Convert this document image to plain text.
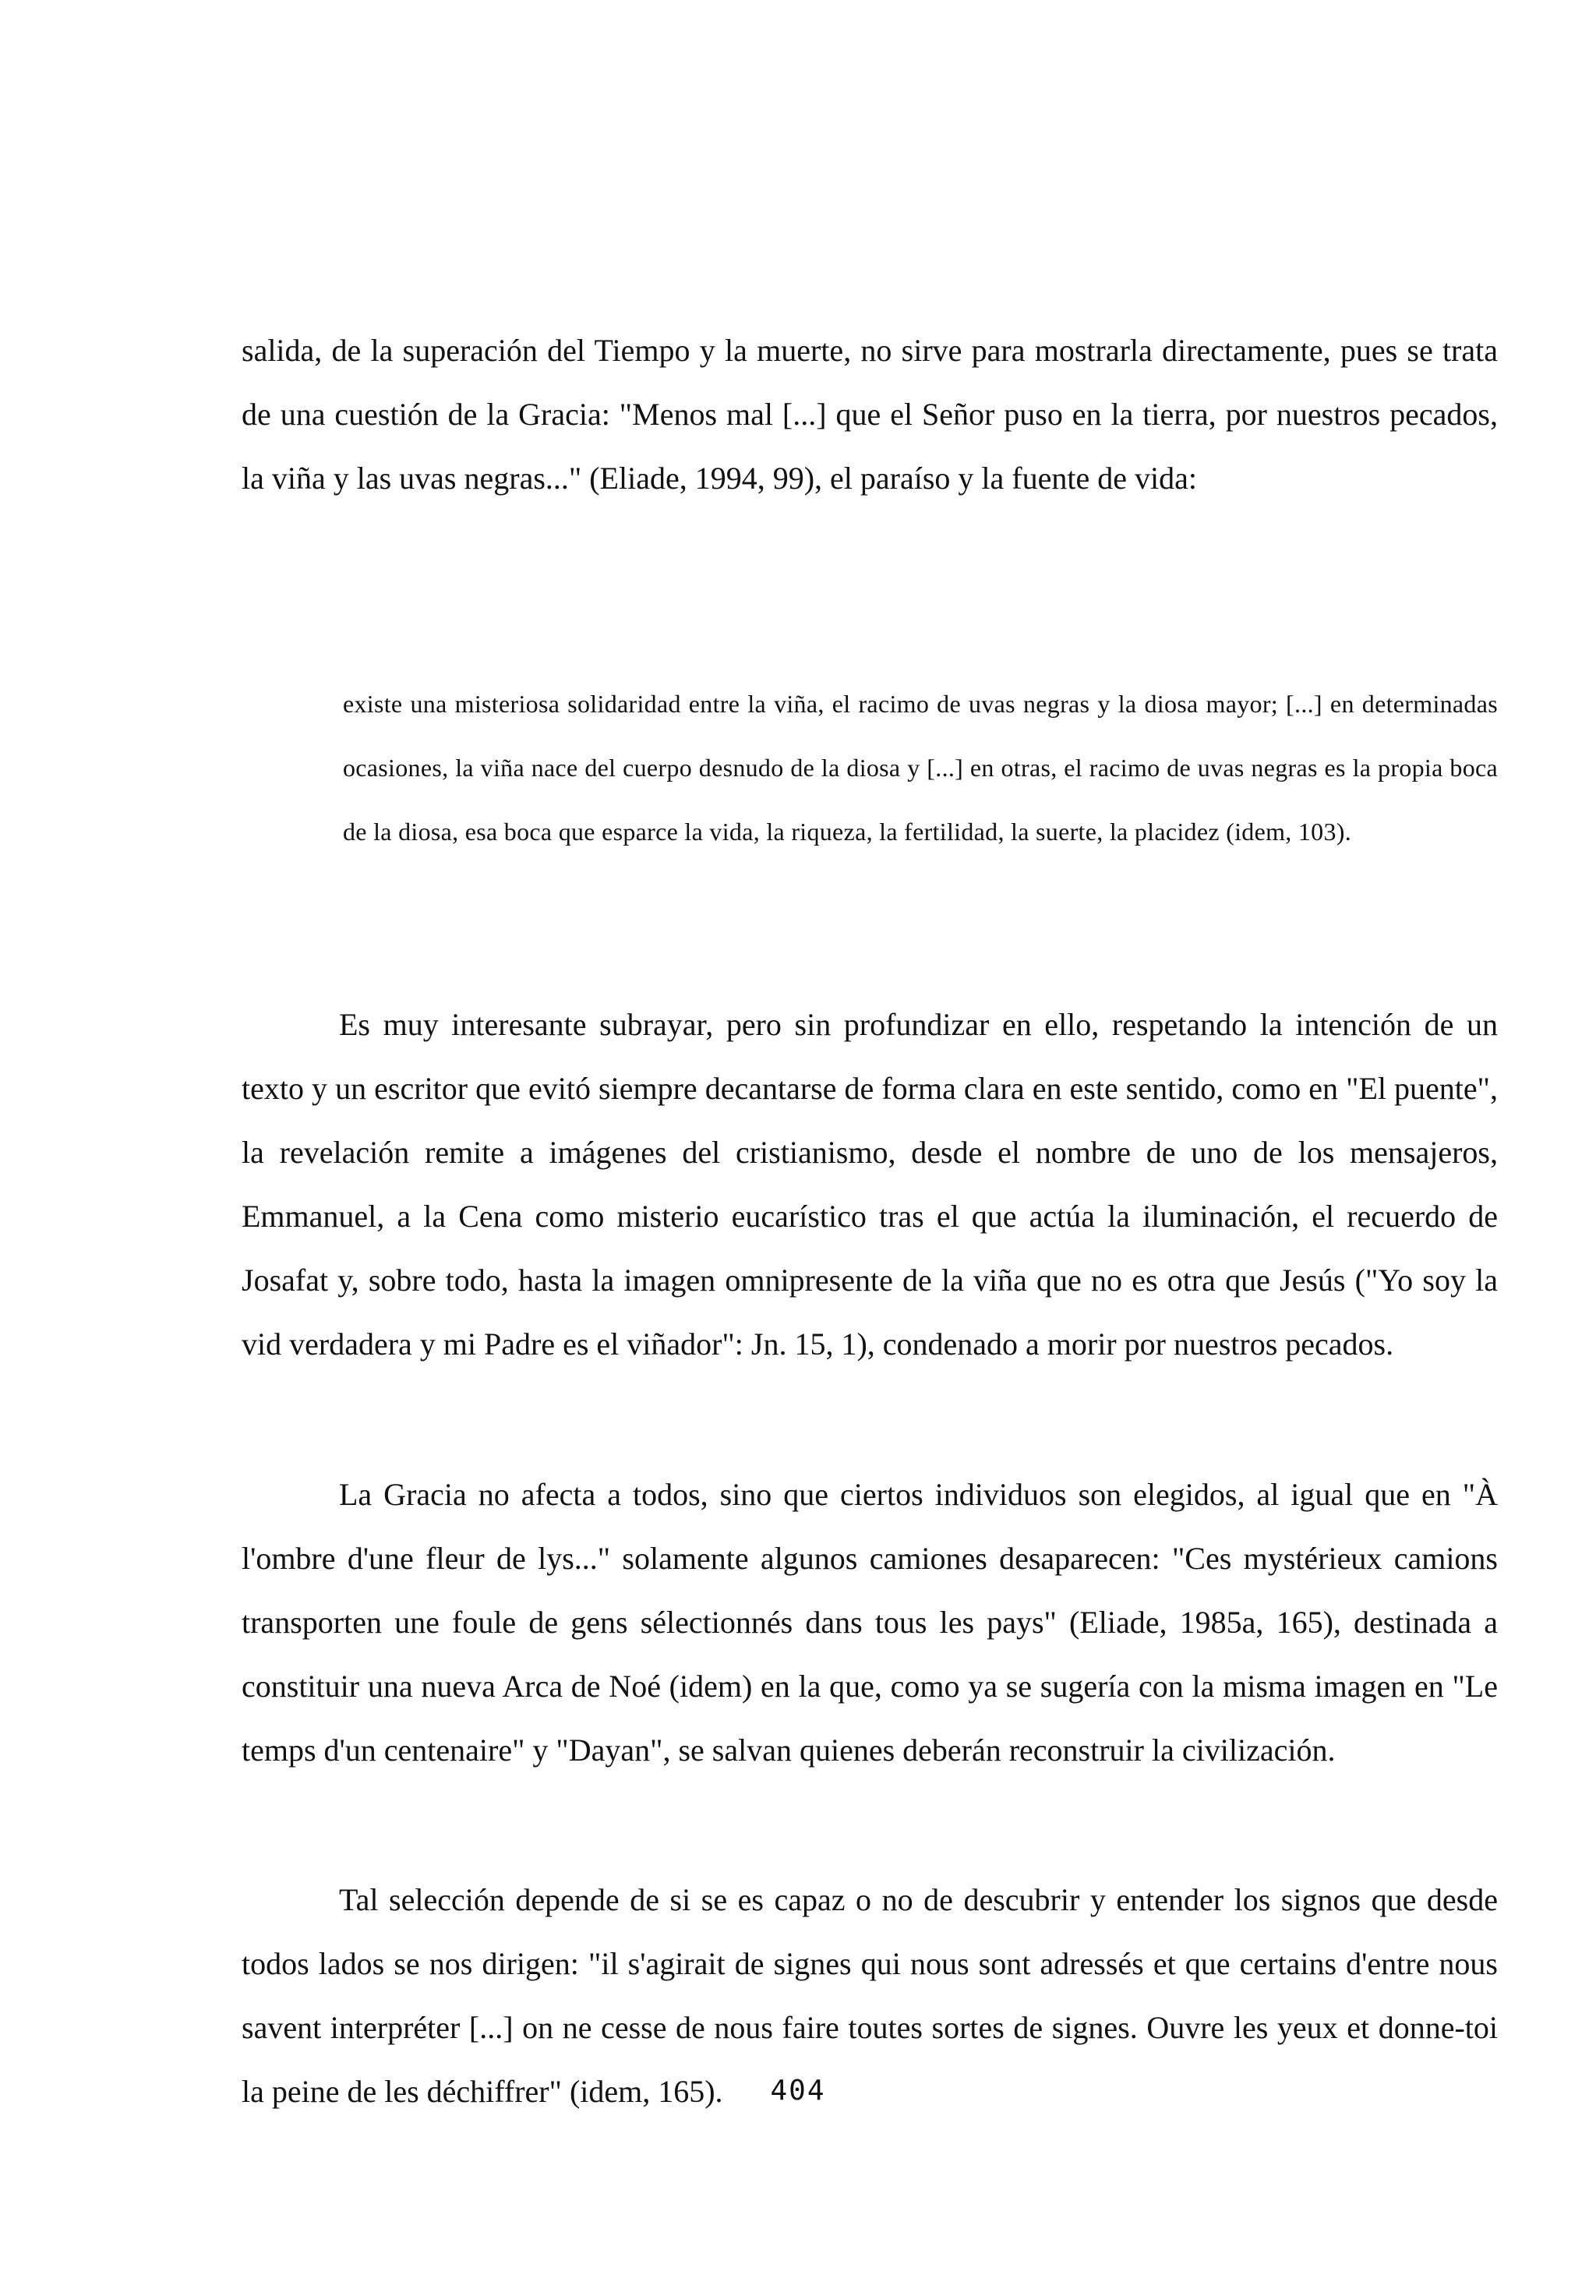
salida, de la superación del Tiempo y la muerte, no sirve para mostrarla directamente, pues se trata de una cuestión de la Gracia: "Menos mal [...] que el Señor puso en la tierra, por nuestros pecados, la viña y las uvas negras..." (Eliade, 1994, 99), el paraíso y la fuente de vida:

existe una misteriosa solidaridad entre la viña, el racimo de uvas negras y la diosa mayor; [...] en determinadas ocasiones, la viña nace del cuerpo desnudo de la diosa y [...] en otras, el racimo de uvas negras es la propia boca de la diosa, esa boca que esparce la vida, la riqueza, la fertilidad, la suerte, la placidez (idem, 103).

Es muy interesante subrayar, pero sin profundizar en ello, respetando la intención de un texto y un escritor que evitó siempre decantarse de forma clara en este sentido, como en "El puente", la revelación remite a imágenes del cristianismo, desde el nombre de uno de los mensajeros, Emmanuel, a la Cena como misterio eucarístico tras el que actúa la iluminación, el recuerdo de Josafat y, sobre todo, hasta la imagen omnipresente de la viña que no es otra que Jesús ("Yo soy la vid verdadera y mi Padre es el viñador": Jn. 15, 1), condenado a morir por nuestros pecados.

La Gracia no afecta a todos, sino que ciertos individuos son elegidos, al igual que en "À l'ombre d'une fleur de lys..." solamente algunos camiones desaparecen: "Ces mystérieux camions transporten une foule de gens sélectionnés dans tous les pays" (Eliade, 1985a, 165), destinada a constituir una nueva Arca de Noé (idem) en la que, como ya se sugería con la misma imagen en "Le temps d'un centenaire" y "Dayan", se salvan quienes deberán reconstruir la civilización.

Tal selección depende de si se es capaz o no de descubrir y entender los signos que desde todos lados se nos dirigen: "il s'agirait de signes qui nous sont adressés et que certains d'entre nous savent interpréter [...] on ne cesse de nous faire toutes sortes de signes. Ouvre les yeux et donne-toi la peine de les déchiffrer" (idem, 165).	404
